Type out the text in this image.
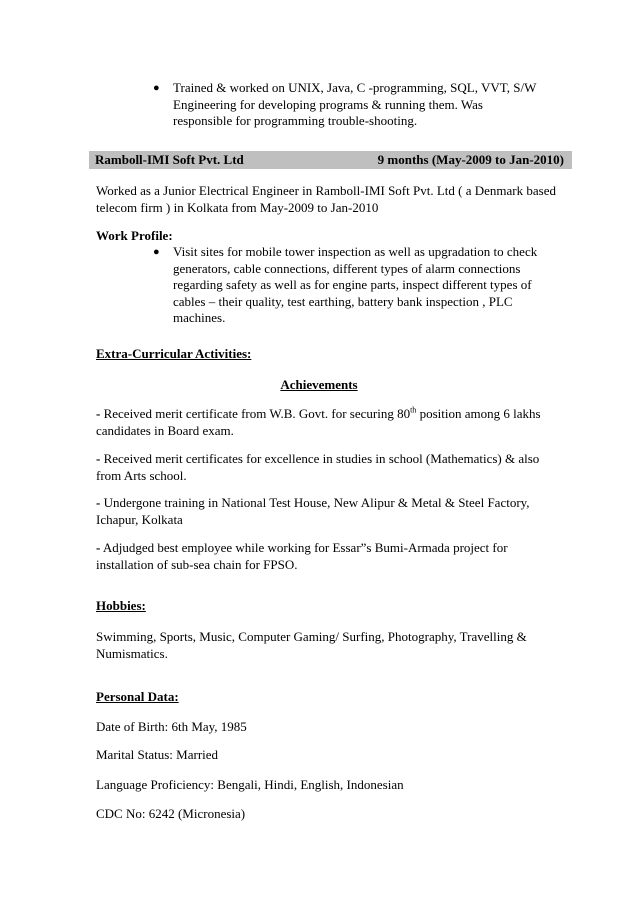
● Trained & worked on UNIX, Java, C -programming, SQL, VVT, S/W Engineering for developing programs & running them. Was responsible for programming trouble-shooting.
Ramboll-IMI Soft Pvt. Ltd	9 months (May-2009 to Jan-2010)

Worked as a Junior Electrical Engineer in Ramboll-IMI Soft Pvt. Ltd ( a Denmark based telecom firm ) in Kolkata from May-2009 to Jan-2010

Work Profile:

● Visit sites for mobile tower inspection as well as upgradation to check generators, cable connections, different types of alarm connections regarding safety as well as for engine parts, inspect different types of cables – their quality, test earthing, battery bank inspection , PLC machines.

Extra-Curricular Activities:

Achievements

- Received merit certificate from W.B. Govt. for securing 80th position among 6 lakhs candidates in Board exam.

- Received merit certificates for excellence in studies in school (Mathematics) & also from Arts school.

- Undergone training in National Test House, New Alipur & Metal & Steel Factory, Ichapur, Kolkata

- Adjudged best employee while working for Essar”s Bumi-Armada project for installation of sub-sea chain for FPSO.

Hobbies:

Swimming, Sports, Music, Computer Gaming/ Surfing, Photography, Travelling & Numismatics.

Personal Data:

Date of Birth: 6th May, 1985

Marital Status: Married

Language Proficiency: Bengali, Hindi, English, Indonesian

CDC No: 6242 (Micronesia)
